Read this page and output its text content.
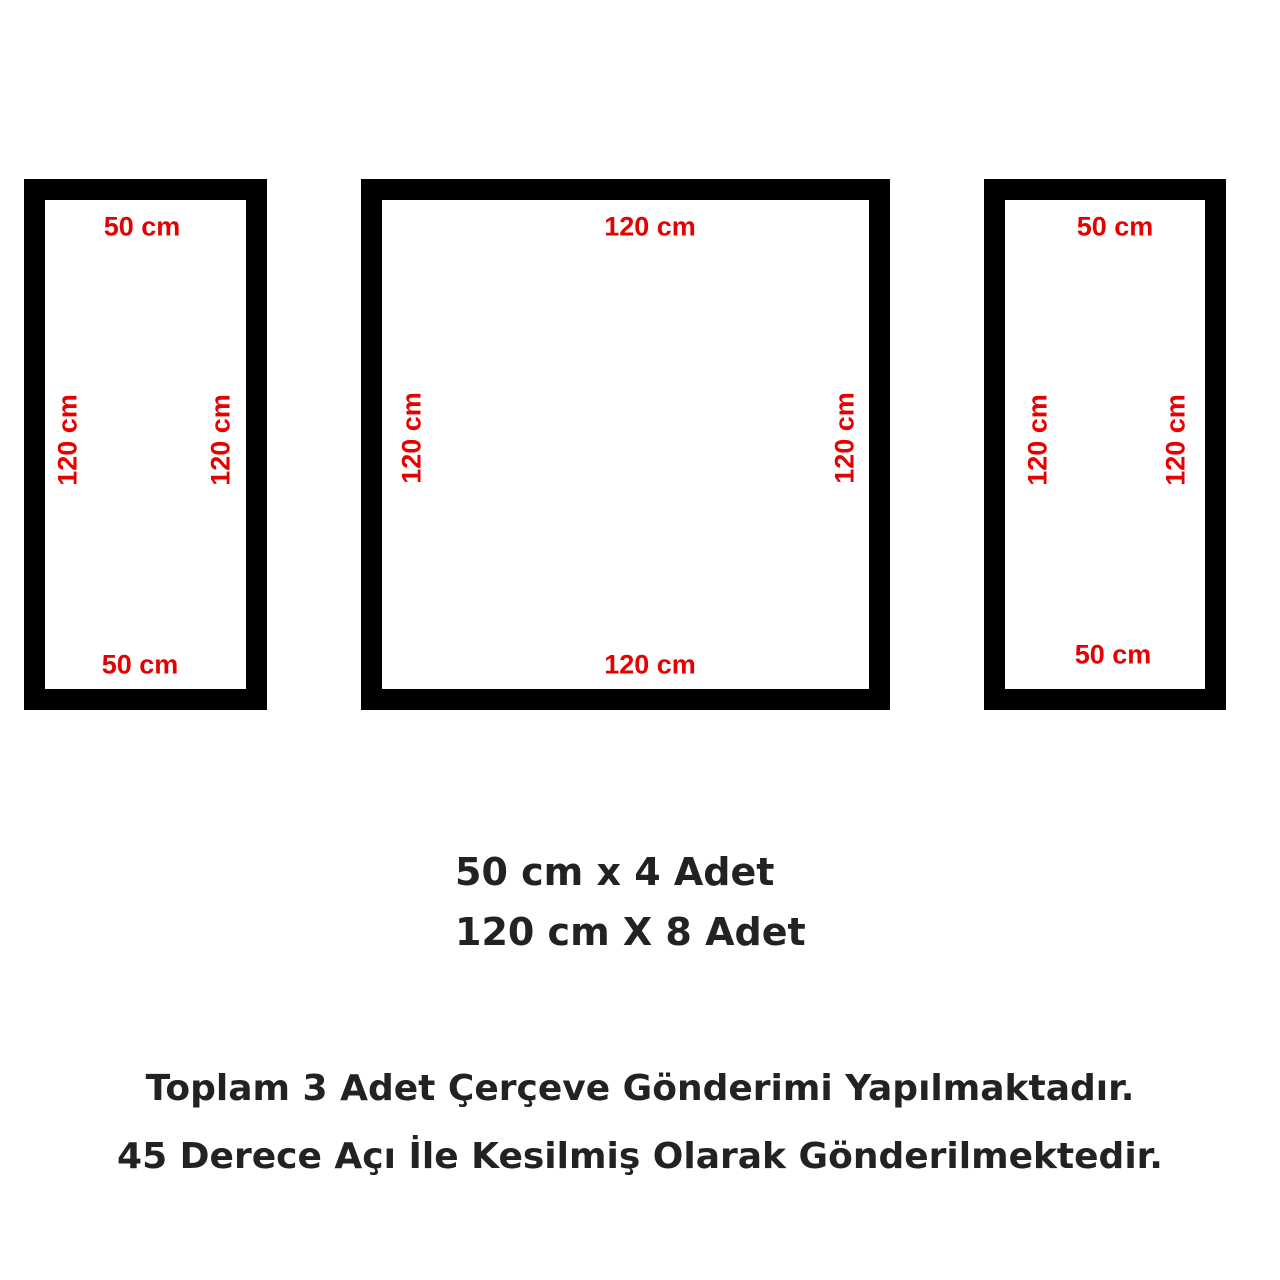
50 cm
50 cm
120 cm	120 cm
120 cm
120 cm
120 cm	120 cm
50 cm
50 cm
120 cm	120 cm
50 cm x 4 Adet
120 cm X 8 Adet
Toplam 3 Adet Çerçeve Gönderimi Yapılmaktadır.
45 Derece Açı İle Kesilmiş Olarak Gönderilmektedir.
